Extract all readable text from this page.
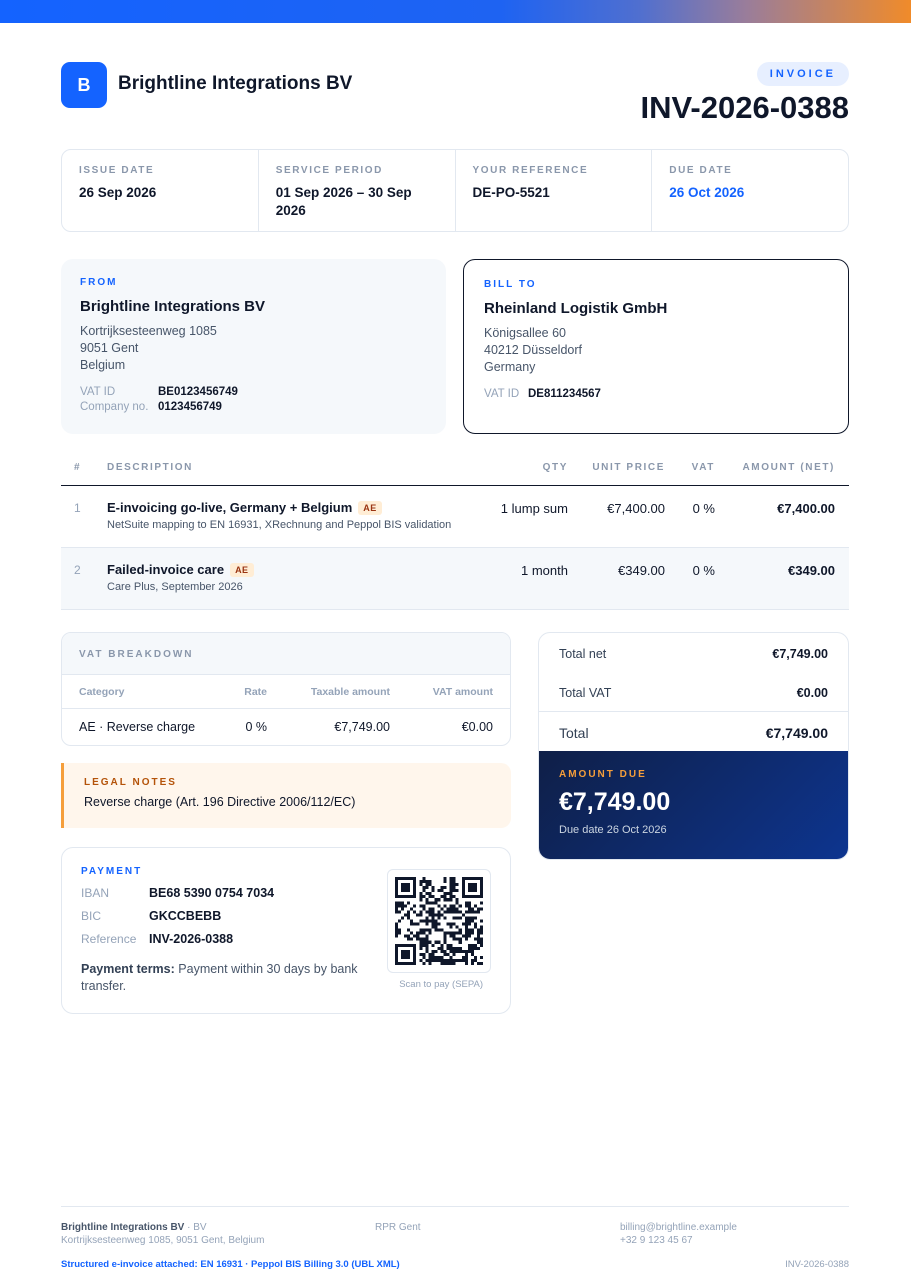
B Brightline Integrations BV	INVOICE
INV-2026-0388
ISSUE DATE
26 Sep 2026
SERVICE PERIOD
01 Sep 2026 – 30 Sep 2026
YOUR REFERENCE
DE-PO-5521
DUE DATE
26 Oct 2026
FROM
Brightline Integrations BV
Kortrijksesteenweg 1085
9051 Gent
Belgium
VAT ID	BE0123456749
Company no. 0123456749
BILL TO
Rheinland Logistik GmbH
Königsallee 60
40212 Düsseldorf
Germany
VAT ID DE811234567
#	DESCRIPTION	QTY UNIT PRICE	VAT	AMOUNT (NET)
1 E-invoicing go-live, Germany + Belgium	AE
NetSuite mapping to EN 16931, XRechnung and Peppol BIS validation
1 lump sum	€7,400.00 0 %	€7,400.00
2 Failed-invoice care	AE
Care Plus, September 2026
1 month	€349.00 0 %	€349.00
VAT BREAKDOWN
Category	Rate	Taxable amount	VAT amount
AE · Reverse charge	0 %	€7,749.00	€0.00
LEGAL NOTES
Reverse charge (Art. 196 Directive 2006/112/EC)
PAYMENT
IBAN	BE68 5390 0754 7034
BIC	GKCCBEBB
Reference	INV-2026-0388
Payment terms: Payment within 30 days by bank transfer.	Scan to pay (SEPA)
Total net	€7,749.00
Total VAT	€0.00
Total	€7,749.00
AMOUNT DUE
€7,749.00
Due date 26 Oct 2026
Brightline Integrations BV · BV
Kortrijksesteenweg 1085, 9051 Gent, Belgium
RPR Gent	billing@brightline.example
+32 9 123 45 67
Structured e-invoice attached: EN 16931 · Peppol BIS Billing 3.0 (UBL XML)	INV-2026-0388
